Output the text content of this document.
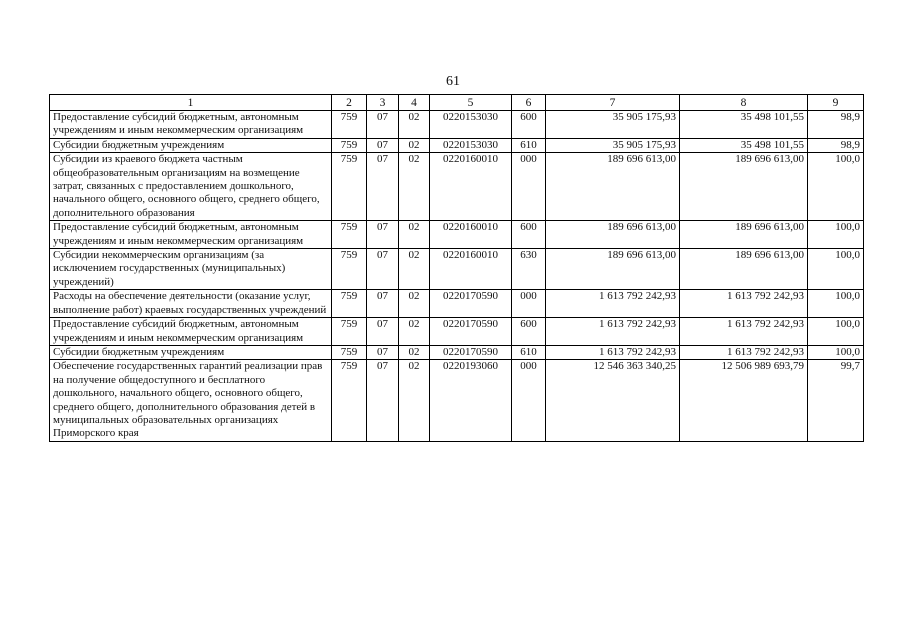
61
1	2	3	4	5	6	7	8	9
Предоставление субсидий бюджетным, автономным учреждениям и иным некоммерческим организациям	759	07	02	0220153030	600	35 905 175,93	35 498 101,55	98,9
Субсидии бюджетным учреждениям	759	07	02	0220153030	610	35 905 175,93	35 498 101,55	98,9
Субсидии из краевого бюджета частным общеобразовательным организациям на возмещение затрат, связанных с предоставлением дошкольного, начального общего, основного общего, среднего общего, дополнительного образования	759	07	02	0220160010	000	189 696 613,00	189 696 613,00	100,0
Предоставление субсидий бюджетным, автономным учреждениям и иным некоммерческим организациям	759	07	02	0220160010	600	189 696 613,00	189 696 613,00	100,0
Субсидии некоммерческим организациям (за исключением государственных (муниципальных) учреждений)	759	07	02	0220160010	630	189 696 613,00	189 696 613,00	100,0
Расходы на обеспечение деятельности (оказание услуг, выполнение работ) краевых государственных учреждений	759	07	02	0220170590	000	1 613 792 242,93	1 613 792 242,93	100,0
Предоставление субсидий бюджетным, автономным учреждениям и иным некоммерческим организациям	759	07	02	0220170590	600	1 613 792 242,93	1 613 792 242,93	100,0
Субсидии бюджетным учреждениям	759	07	02	0220170590	610	1 613 792 242,93	1 613 792 242,93	100,0
Обеспечение государственных гарантий реализации прав на получение общедоступного и бесплатного дошкольного, начального общего, основного общего, среднего общего, дополнительного образования детей в муниципальных образовательных организациях Приморского края	759	07	02	0220193060	000	12 546 363 340,25	12 506 989 693,79	99,7
